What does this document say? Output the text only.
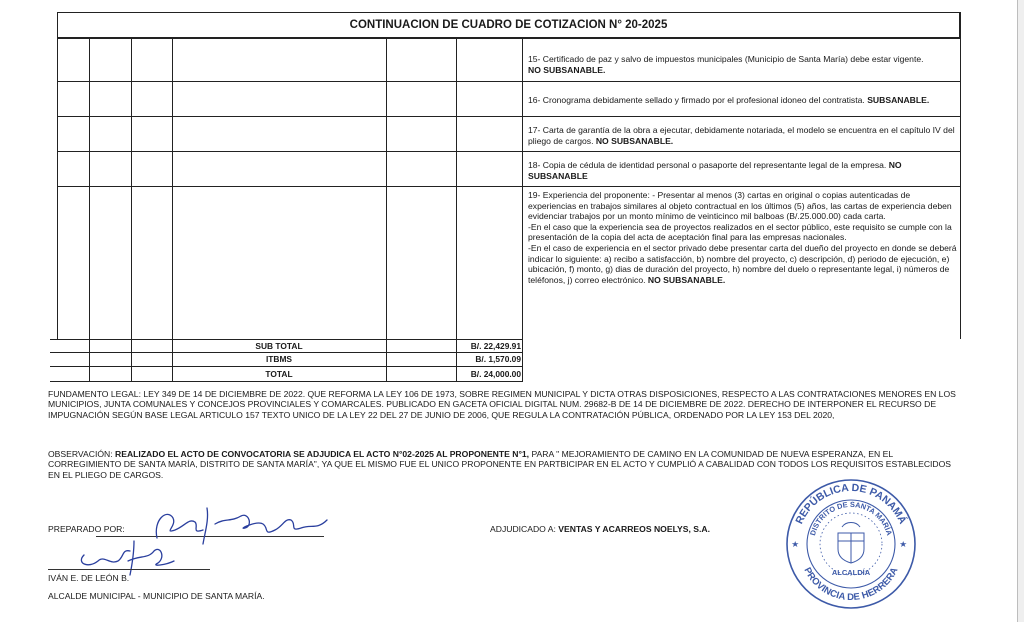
CONTINUACION DE CUADRO DE COTIZACION N° 20-2025
15- Certificado de paz y salvo de impuestos municipales (Municipio de Santa María) debe estar vigente.
NO SUBSANABLE.
16- Cronograma debidamente sellado y firmado por el profesional idoneo del contratista. SUBSANABLE.
17- Carta de garantía de la obra a ejecutar, debidamente notariada, el modelo se encuentra en el capítulo IV del pliego de cargos. NO SUBSANABLE.
18- Copia de cédula de identidad personal o pasaporte del representante legal de la empresa. NO SUBSANABLE
19- Experiencia del proponente: - Presentar al menos (3) cartas en original o copias autenticadas de experiencias en trabajos similares al objeto contractual en los últimos (5) años, las cartas de experiencia deben evidenciar trabajos por un monto mínimo de veinticinco mil balboas (B/.25.000.00) cada carta.
-En el caso que la experiencia sea de proyectos realizados en el sector público, este requisito se cumple con la presentación de la copia del acta de aceptación final para las empresas nacionales.
-En el caso de experiencia en el sector privado debe presentar carta del dueño del proyecto en donde se deberá indicar lo siguiente: a) recibo a satisfacción, b) nombre del proyecto, c) descripción, d) periodo de ejecución, e) ubicación, f) monto, g) dias de duración del proyecto, h) nombre del duelo o representante legal, i) números de teléfonos, j) correo electrónico. NO SUBSANABLE.
SUB TOTAL	B/. 22,429.91
ITBMS	B/. 1,570.09
TOTAL	B/. 24,000.00
FUNDAMENTO LEGAL: LEY 349 DE 14 DE DICIEMBRE DE 2022. QUE REFORMA LA LEY 106 DE 1973, SOBRE REGIMEN MUNICIPAL Y DICTA OTRAS DISPOSICIONES, RESPECTO A LAS CONTRATACIONES MENORES EN LOS MUNICIPIOS, JUNTA COMUNALES Y CONCEJOS PROVINCIALES Y COMARCALES. PUBLICADO EN GACETA OFICIAL DIGITAL NUM. 29682-B DE 14 DE DICIEMBRE DE 2022. DERECHO DE INTERPONER EL RECURSO DE IMPUGNACIÓN SEGÚN BASE LEGAL ARTICULO 157 TEXTO UNICO DE LA LEY 22 DEL 27 DE JUNIO DE 2006, QUE REGULA LA CONTRATACIÓN PÚBLICA, ORDENADO POR LA LEY 153 DEL 2020,
OBSERVACIÓN: REALIZADO EL ACTO DE CONVOCATORIA SE ADJUDICA EL ACTO N°02-2025 AL PROPONENTE N°1, PARA " MEJORAMIENTO DE CAMINO EN LA COMUNIDAD DE NUEVA ESPERANZA, EN EL CORREGIMIENTO DE SANTA MARÍA, DISTRITO DE SANTA MARÍA", YA QUE EL MISMO FUE EL UNICO PROPONENTE EN PARTBICIPAR EN EL ACTO Y CUMPLIÓ A CABALIDAD CON TODOS LOS REQUISITOS ESTABLECIDOS EN EL PLIEGO DE CARGOS.
PREPARADO POR:
IVÁN E. DE LEÓN B.
ALCALDE MUNICIPAL - MUNICIPIO DE SANTA MARÍA.
ADJUDICADO A: VENTAS Y ACARREOS NOELYS, S.A.
REPÚBLICA DE PANAMÁ
DISTRITO DE SANTA MARÍA
PROVINCIA DE HERRERA
ALCALDÍA
